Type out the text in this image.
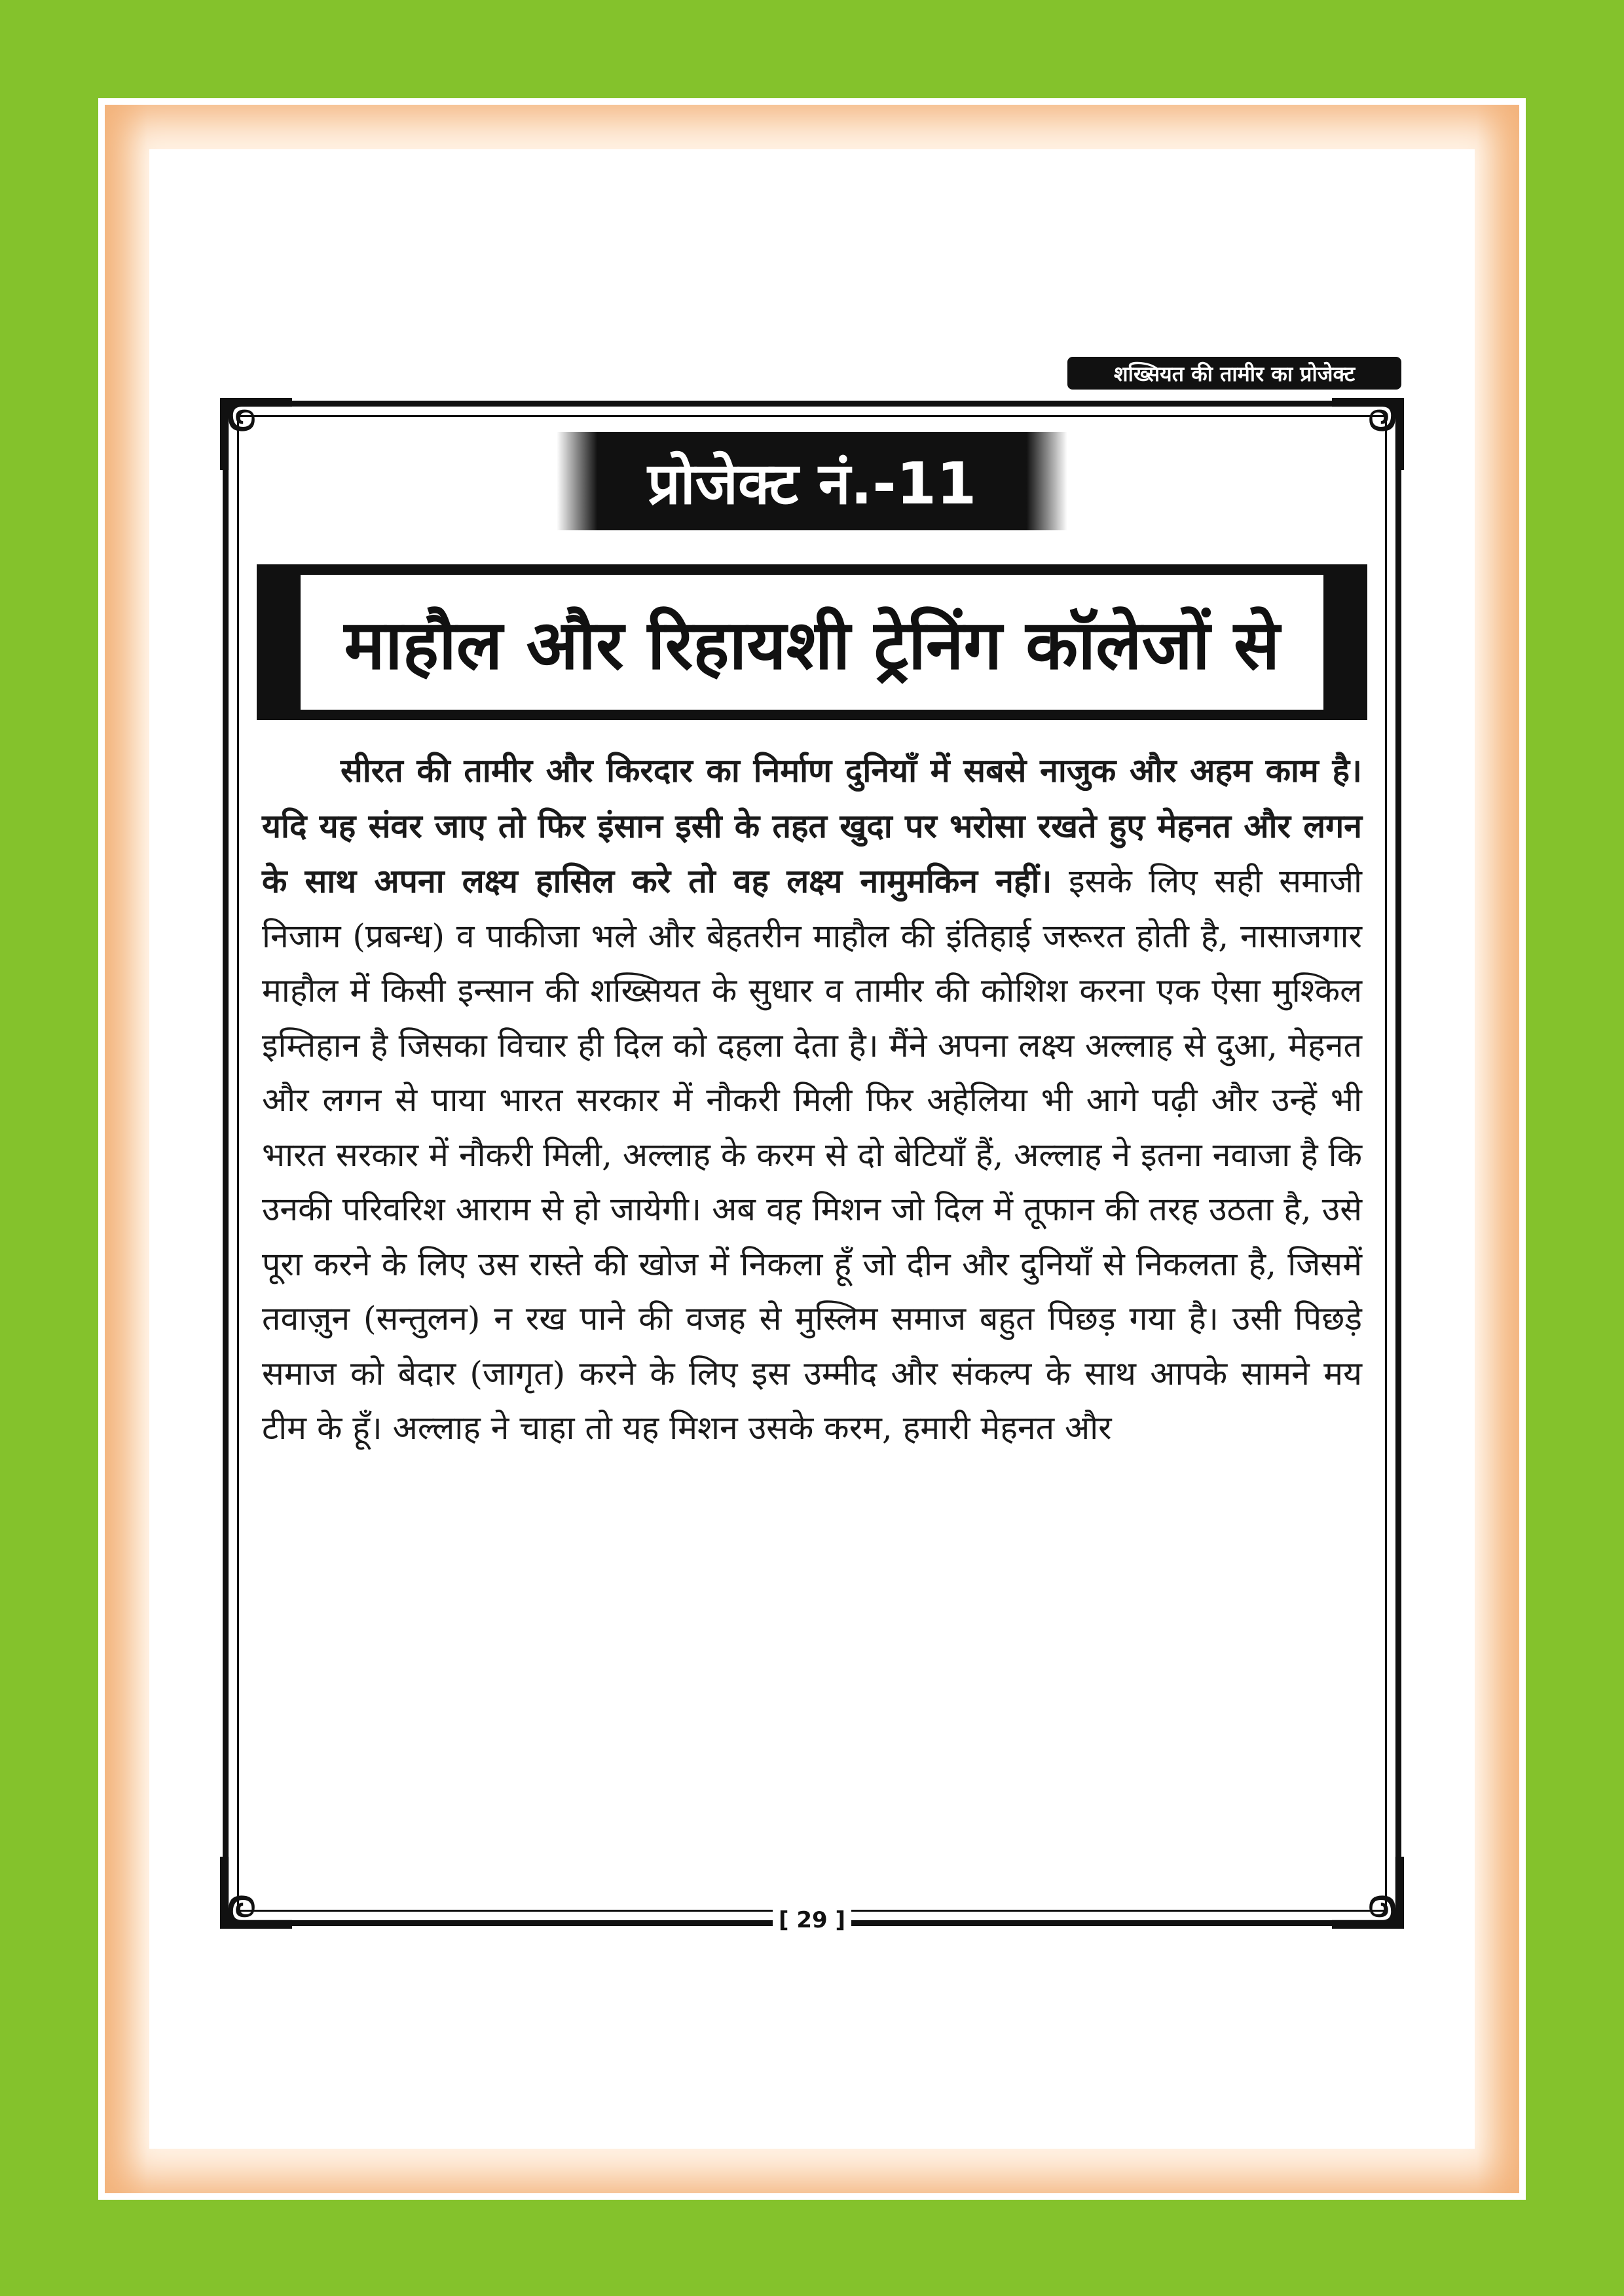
शख्सियत की तामीर का प्रोजेक्ट
प्रोजेक्ट नं.-11
माहौल और रिहायशी ट्रेनिंग कॉलेजों से
सीरत की तामीर और किरदार का निर्माण दुनियाँ में सबसे नाजुक और अहम काम है। यदि यह संवर जाए तो फिर इंसान इसी के तहत खुदा पर भरोसा रखते हुए मेहनत और लगन के साथ अपना लक्ष्य हासिल करे तो वह लक्ष्य नामुमकिन नहीं। इसके लिए सही समाजी निजाम (प्रबन्ध) व पाकीजा भले और बेहतरीन माहौल की इंतिहाई जरूरत होती है, नासाजगार माहौल में किसी इन्सान की शख्सियत के सुधार व तामीर की कोशिश करना एक ऐसा मुश्किल इम्तिहान है जिसका विचार ही दिल को दहला देता है। मैंने अपना लक्ष्य अल्लाह से दुआ, मेहनत और लगन से पाया भारत सरकार में नौकरी मिली फिर अहेलिया भी आगे पढ़ी और उन्हें भी भारत सरकार में नौकरी मिली, अल्लाह के करम से दो बेटियाँ हैं, अल्लाह ने इतना नवाजा है कि उनकी परिवरिश आराम से हो जायेगी। अब वह मिशन जो दिल में तूफान की तरह उठता है, उसे पूरा करने के लिए उस रास्ते की खोज में निकला हूँ जो दीन और दुनियाँ से निकलता है, जिसमें तवाज़ुन (सन्तुलन) न रख पाने की वजह से मुस्लिम समाज बहुत पिछड़ गया है। उसी पिछड़े समाज को बेदार (जागृत) करने के लिए इस उम्मीद और संकल्प के साथ आपके सामने मय टीम के हूँ। अल्लाह ने चाहा तो यह मिशन उसके करम, हमारी मेहनत और
[ 29 ]
